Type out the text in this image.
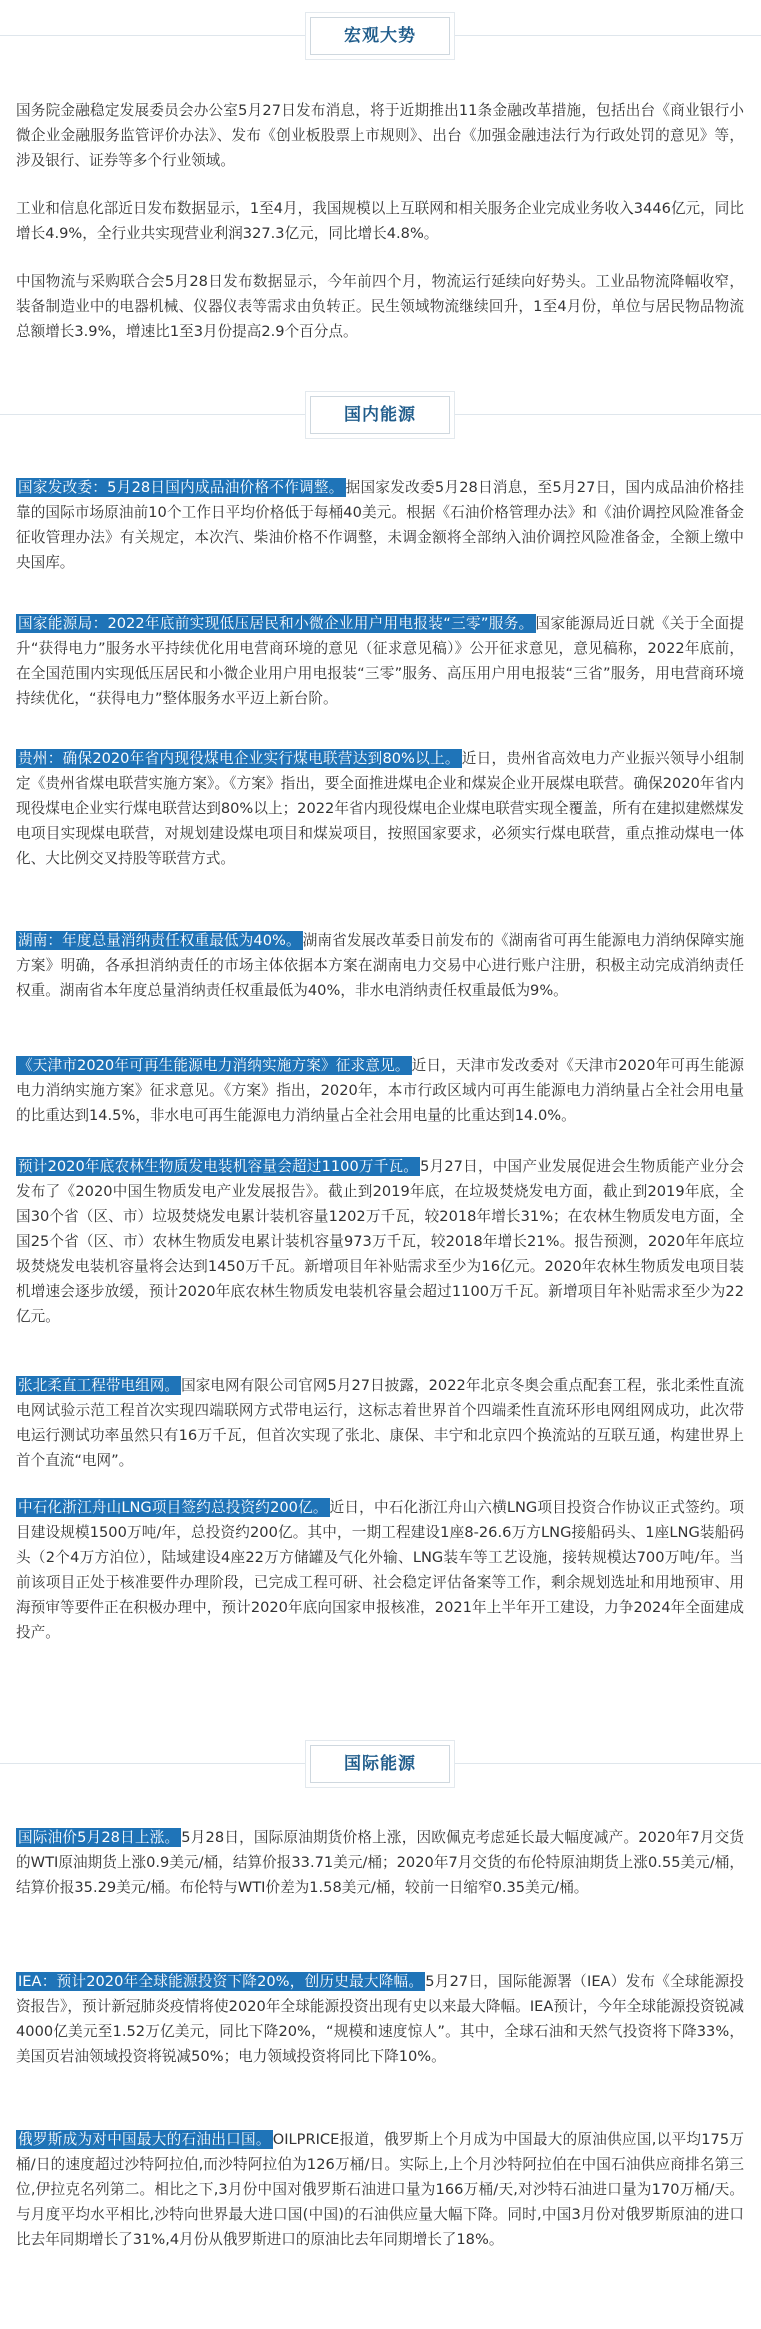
宏观大势

国务院金融稳定发展委员会办公室5月27日发布消息，将于近期推出11条金融改革措施，包括出台《商业银行小微企业金融服务监管评价办法》、发布《创业板股票上市规则》、出台《加强金融违法行为行政处罚的意见》等，涉及银行、证券等多个行业领域。

工业和信息化部近日发布数据显示，1至4月，我国规模以上互联网和相关服务企业完成业务收入3446亿元，同比增长4.9%，全行业共实现营业利润327.3亿元，同比增长4.8%。

中国物流与采购联合会5月28日发布数据显示，今年前四个月，物流运行延续向好势头。工业品物流降幅收窄，装备制造业中的电器机械、仪器仪表等需求由负转正。民生领域物流继续回升，1至4月份，单位与居民物品物流总额增长3.9%，增速比1至3月份提高2.9个百分点。

国内能源

国家发改委：5月28日国内成品油价格不作调整。 据国家发改委5月28日消息，至5月27日，国内成品油价格挂靠的国际市场原油前10个工作日平均价格低于每桶40美元。根据《石油价格管理办法》和《油价调控风险准备金征收管理办法》有关规定，本次汽、柴油价格不作调整，未调金额将全部纳入油价调控风险准备金，全额上缴中央国库。

国家能源局：2022年底前实现低压居民和小微企业用户用电报装“三零”服务。 国家能源局近日就《关于全面提升“获得电力”服务水平持续优化用电营商环境的意见（征求意见稿）》公开征求意见，意见稿称，2022年底前，在全国范围内实现低压居民和小微企业用户用电报装“三零”服务、高压用户用电报装“三省”服务，用电营商环境持续优化，“获得电力”整体服务水平迈上新台阶。

贵州：确保2020年省内现役煤电企业实行煤电联营达到80%以上。 近日，贵州省高效电力产业振兴领导小组制定《贵州省煤电联营实施方案》。《方案》指出，要全面推进煤电企业和煤炭企业开展煤电联营。确保2020年省内现役煤电企业实行煤电联营达到80%以上；2022年省内现役煤电企业煤电联营实现全覆盖，所有在建拟建燃煤发电项目实现煤电联营，对规划建设煤电项目和煤炭项目，按照国家要求，必须实行煤电联营，重点推动煤电一体化、大比例交叉持股等联营方式。

湖南：年度总量消纳责任权重最低为40%。 湖南省发展改革委日前发布的《湖南省可再生能源电力消纳保障实施方案》明确，各承担消纳责任的市场主体依据本方案在湖南电力交易中心进行账户注册，积极主动完成消纳责任权重。湖南省本年度总量消纳责任权重最低为40%，非水电消纳责任权重最低为9%。

《天津市2020年可再生能源电力消纳实施方案》征求意见。 近日，天津市发改委对《天津市2020年可再生能源电力消纳实施方案》征求意见。《方案》指出，2020年，本市行政区域内可再生能源电力消纳量占全社会用电量的比重达到14.5%，非水电可再生能源电力消纳量占全社会用电量的比重达到14.0%。

预计2020年底农林生物质发电装机容量会超过1100万千瓦。 5月27日，中国产业发展促进会生物质能产业分会发布了《2020中国生物质发电产业发展报告》。截止到2019年底，在垃圾焚烧发电方面，截止到2019年底，全国30个省（区、市）垃圾焚烧发电累计装机容量1202万千瓦，较2018年增长31%；在农林生物质发电方面，全国25个省（区、市）农林生物质发电累计装机容量973万千瓦，较2018年增长21%。报告预测，2020年年底垃圾焚烧发电装机容量将会达到1450万千瓦。新增项目年补贴需求至少为16亿元。2020年农林生物质发电项目装机增速会逐步放缓，预计2020年底农林生物质发电装机容量会超过1100万千瓦。新增项目年补贴需求至少为22亿元。

张北柔直工程带电组网。 国家电网有限公司官网5月27日披露，2022年北京冬奥会重点配套工程，张北柔性直流电网试验示范工程首次实现四端联网方式带电运行，这标志着世界首个四端柔性直流环形电网组网成功，此次带电运行测试功率虽然只有16万千瓦，但首次实现了张北、康保、丰宁和北京四个换流站的互联互通，构建世界上首个直流“电网”。

中石化浙江舟山LNG项目签约总投资约200亿。 近日，中石化浙江舟山六横LNG项目投资合作协议正式签约。项目建设规模1500万吨/年，总投资约200亿。其中，一期工程建设1座8-26.6万方LNG接船码头、1座LNG装船码头（2个4万方泊位），陆域建设4座22万方储罐及气化外输、LNG装车等工艺设施，接转规模达700万吨/年。当前该项目正处于核准要件办理阶段，已完成工程可研、社会稳定评估备案等工作，剩余规划选址和用地预审、用海预审等要件正在积极办理中，预计2020年底向国家申报核准，2021年上半年开工建设，力争2024年全面建成投产。

国际能源

国际油价5月28日上涨。 5月28日，国际原油期货价格上涨，因欧佩克考虑延长最大幅度减产。2020年7月交货的WTI原油期货上涨0.9美元/桶，结算价报33.71美元/桶；2020年7月交货的布伦特原油期货上涨0.55美元/桶，结算价报35.29美元/桶。布伦特与WTI价差为1.58美元/桶，较前一日缩窄0.35美元/桶。

IEA：预计2020年全球能源投资下降20%，创历史最大降幅。 5月27日，国际能源署（IEA）发布《全球能源投资报告》，预计新冠肺炎疫情将使2020年全球能源投资出现有史以来最大降幅。IEA预计，今年全球能源投资锐减4000亿美元至1.52万亿美元，同比下降20%，“规模和速度惊人”。其中，全球石油和天然气投资将下降33%，美国页岩油领域投资将锐减50%；电力领域投资将同比下降10%。

俄罗斯成为对中国最大的石油出口国。 OILPRICE报道，俄罗斯上个月成为中国最大的原油供应国,以平均175万桶/日的速度超过沙特阿拉伯,而沙特阿拉伯为126万桶/日。实际上,上个月沙特阿拉伯在中国石油供应商排名第三位,伊拉克名列第二。相比之下,3月份中国对俄罗斯石油进口量为166万桶/天,对沙特石油进口量为170万桶/天。与月度平均水平相比,沙特向世界最大进口国(中国)的石油供应量大幅下降。同时,中国3月份对俄罗斯原油的进口比去年同期增长了31%,4月份从俄罗斯进口的原油比去年同期增长了18%。
